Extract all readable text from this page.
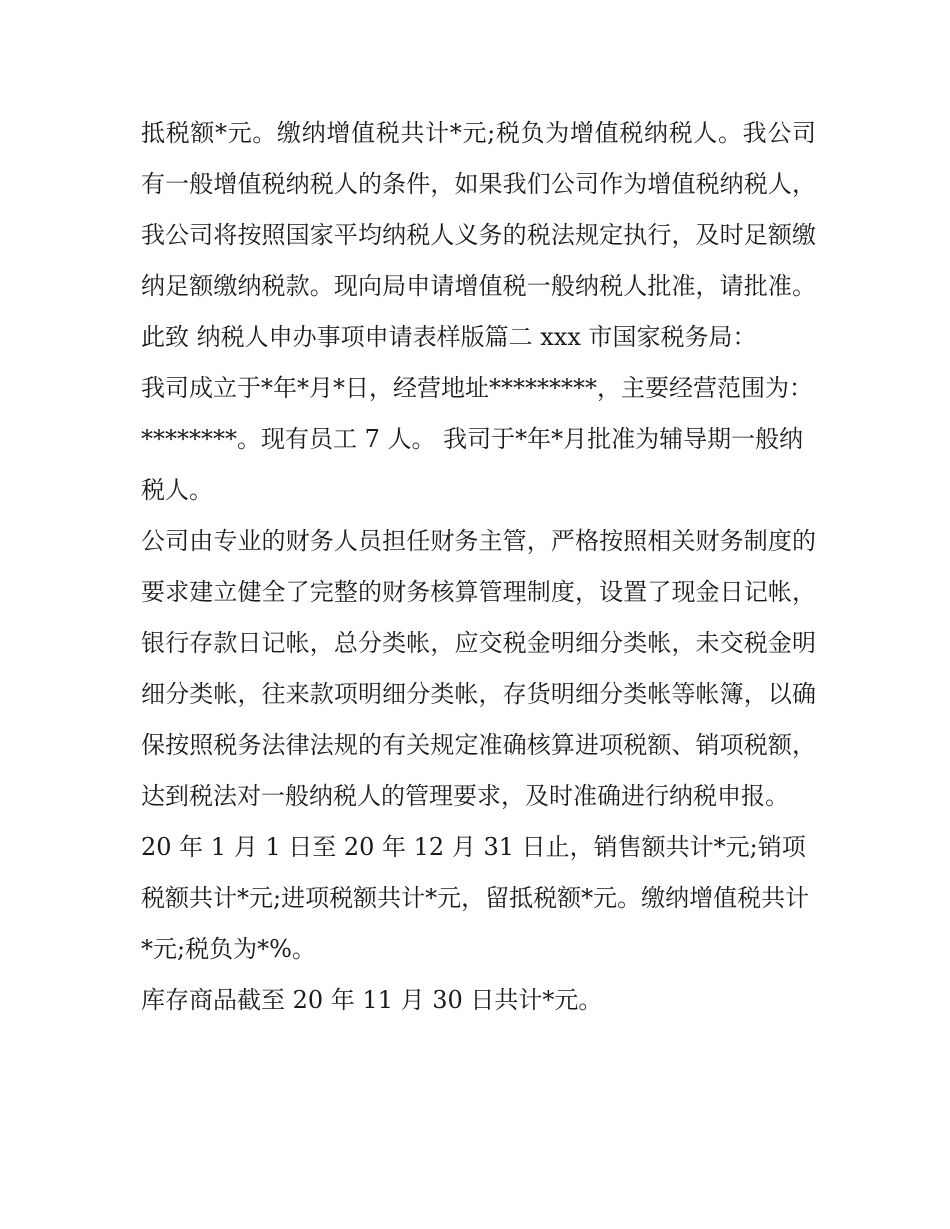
抵税额*元。缴纳增值税共计*元;税负为增值税纳税人。我公司有一般增值税纳税人的条件，如果我们公司作为增值税纳税人，我公司将按照国家平均纳税人义务的税法规定执行，及时足额缴纳足额缴纳税款。现向局申请增值税一般纳税人批准，请批准。 此致 纳税人申办事项申请表样版篇二 xxx 市国家税务局：

我司成立于*年*月*日，经营地址*********，主要经营范围为：********。现有员工 7 人。 我司于*年*月批准为辅导期一般纳税人。

公司由专业的财务人员担任财务主管，严格按照相关财务制度的要求建立健全了完整的财务核算管理制度，设置了现金日记帐，银行存款日记帐，总分类帐，应交税金明细分类帐，未交税金明细分类帐，往来款项明细分类帐，存货明细分类帐等帐簿，以确保按照税务法律法规的有关规定准确核算进项税额、销项税额，达到税法对一般纳税人的管理要求，及时准确进行纳税申报。

20 年 1 月 1 日至 20 年 12 月 31 日止，销售额共计*元;销项税额共计*元;进项税额共计*元，留抵税额*元。缴纳增值税共计*元;税负为*%。

库存商品截至 20 年 11 月 30 日共计*元。
